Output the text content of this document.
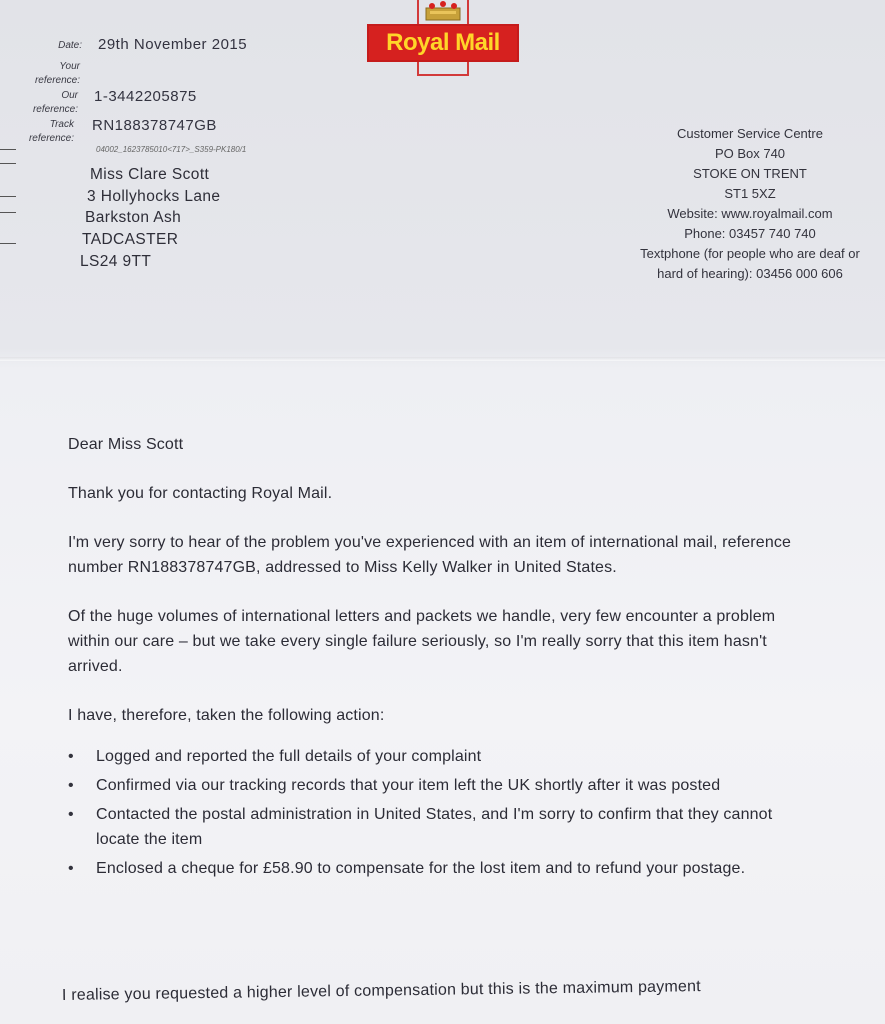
Royal Mail
Date: 29th November 2015
Your reference:
Our reference:
1-3442205875
Track reference:
RN188378747GB
04002_1623785010<717>_S359-PK180/1
Miss Clare Scott
3 Hollyhocks Lane
Barkston Ash
TADCASTER
LS24 9TT
Customer Service Centre
PO Box 740
STOKE ON TRENT
ST1 5XZ
Website: www.royalmail.com
Phone: 03457 740 740
Textphone (for people who are deaf or
hard of hearing): 03456 000 606

Dear Miss Scott

Thank you for contacting Royal Mail.

I'm very sorry to hear of the problem you've experienced with an item of international mail, reference number RN188378747GB, addressed to Miss Kelly Walker in United States.

Of the huge volumes of international letters and packets we handle, very few encounter a problem within our care – but we take every single failure seriously, so I'm really sorry that this item hasn't arrived.

I have, therefore, taken the following action:

• Logged and reported the full details of your complaint
• Confirmed via our tracking records that your item left the UK shortly after it was posted
• Contacted the postal administration in United States, and I'm sorry to confirm that they cannot locate the item
• Enclosed a cheque for £58.90 to compensate for the lost item and to refund your postage.
I realise you requested a higher level of compensation but this is the maximum payment
